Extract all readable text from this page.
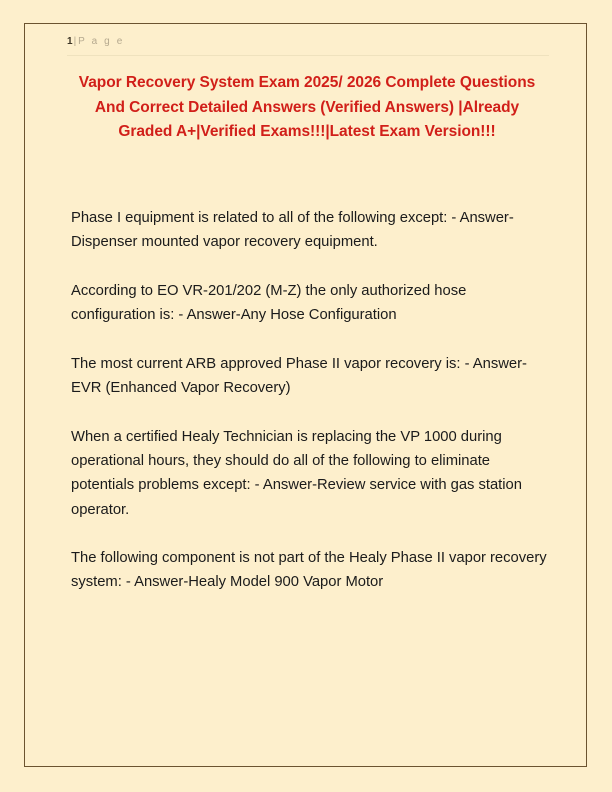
1| P a g e
Vapor Recovery System Exam 2025/ 2026 Complete Questions And Correct Detailed Answers (Verified Answers) |Already Graded A+|Verified Exams!!!|Latest Exam Version!!!

Phase I equipment is related to all of the following except: - Answer-Dispenser mounted vapor recovery equipment.

According to EO VR-201/202 (M-Z) the only authorized hose configuration is: - Answer-Any Hose Configuration

The most current ARB approved Phase II vapor recovery is: - Answer-EVR (Enhanced Vapor Recovery)

When a certified Healy Technician is replacing the VP 1000 during operational hours, they should do all of the following to eliminate potentials problems except: - Answer-Review service with gas station operator.

The following component is not part of the Healy Phase II vapor recovery system: - Answer-Healy Model 900 Vapor Motor
